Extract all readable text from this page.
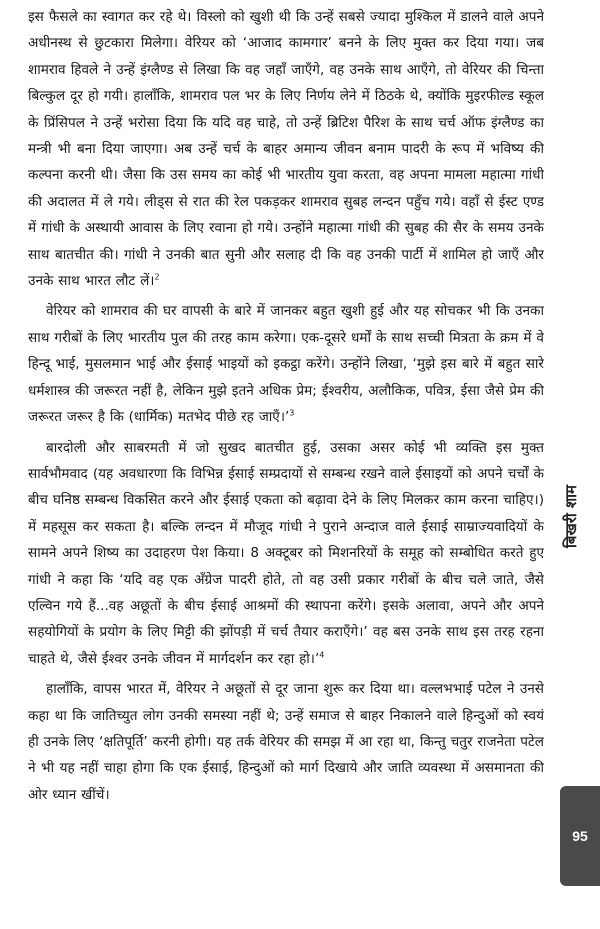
इस फैसले का स्वागत कर रहे थे। विस्लो को खुशी थी कि उन्हें सबसे ज्यादा मुश्किल में डालने वाले अपने अधीनस्थ से छुटकारा मिलेगा। वेरियर को ‘आजाद कामगार’ बनने के लिए मुक्त कर दिया गया। जब शामराव हिवले ने उन्हें इंग्लैण्ड से लिखा कि वह जहाँ जाएँगे, वह उनके साथ आएँगे, तो वेरियर की चिन्ता बिल्कुल दूर हो गयी। हालाँकि, शामराव पल भर के लिए निर्णय लेने में ठिठके थे, क्योंकि मुइरफील्ड स्कूल के प्रिंसिपल ने उन्हें भरोसा दिया कि यदि वह चाहे, तो उन्हें ब्रिटिश पैरिश के साथ चर्च ऑफ इंग्लैण्ड का मन्त्री भी बना दिया जाएगा। अब उन्हें चर्च के बाहर अमान्य जीवन बनाम पादरी के रूप में भविष्य की कल्पना करनी थी। जैसा कि उस समय का कोई भी भारतीय युवा करता, वह अपना मामला महात्मा गांधी की अदालत में ले गये। लीड्स से रात की रेल पकड़कर शामराव सुबह लन्दन पहुँच गये। वहाँ से ईस्ट एण्ड में गांधी के अस्थायी आवास के लिए रवाना हो गये। उन्होंने महात्मा गांधी की सुबह की सैर के समय उनके साथ बातचीत की। गांधी ने उनकी बात सुनी और सलाह दी कि वह उनकी पार्टी में शामिल हो जाएँ और उनके साथ भारत लौट लें।$^2$

वेरियर को शामराव की घर वापसी के बारे में जानकर बहुत खुशी हुई और यह सोचकर भी कि उनका साथ गरीबों के लिए भारतीय पुल की तरह काम करेगा। एक-दूसरे धर्मों के साथ सच्ची मित्रता के क्रम में वे हिन्दू भाई, मुसलमान भाई और ईसाई भाइयों को इकट्ठा करेंगे। उन्होंने लिखा, ‘मुझे इस बारे में बहुत सारे धर्मशास्त्र की जरूरत नहीं है, लेकिन मुझे इतने अधिक प्रेम; ईश्वरीय, अलौकिक, पवित्र, ईसा जैसे प्रेम की जरूरत जरूर है कि (धार्मिक) मतभेद पीछे रह जाएँ।’$^3$

बारदोली और साबरमती में जो सुखद बातचीत हुई, उसका असर कोई भी व्यक्ति इस मुक्त सार्वभौमवाद (यह अवधारणा कि विभिन्न ईसाई सम्प्रदायों से सम्बन्ध रखने वाले ईसाइयों को अपने चर्चों के बीच घनिष्ठ सम्बन्ध विकसित करने और ईसाई एकता को बढ़ावा देने के लिए मिलकर काम करना चाहिए।) में महसूस कर सकता है। बल्कि लन्दन में मौजूद गांधी ने पुराने अन्दाज वाले ईसाई साम्राज्यवादियों के सामने अपने शिष्य का उदाहरण पेश किया। 8 अक्टूबर को मिशनरियों के समूह को सम्बोधित करते हुए गांधी ने कहा कि ‘यदि वह एक अँग्रेज पादरी होते, तो वह उसी प्रकार गरीबों के बीच चले जाते, जैसे एल्विन गये हैं...वह अछूतों के बीच ईसाई आश्रमों की स्थापना करेंगे। इसके अलावा, अपने और अपने सहयोगियों के प्रयोग के लिए मिट्टी की झोंपड़ी में चर्च तैयार कराएँगे।’ वह बस उनके साथ इस तरह रहना चाहते थे, जैसे ईश्वर उनके जीवन में मार्गदर्शन कर रहा हो।’$^4$

हालाँकि, वापस भारत में, वेरियर ने अछूतों से दूर जाना शुरू कर दिया था। वल्लभभाई पटेल ने उनसे कहा था कि जातिच्युत लोग उनकी समस्या नहीं थे; उन्हें समाज से बाहर निकालने वाले हिन्दुओं को स्वयं ही उनके लिए ‘क्षतिपूर्ति’ करनी होगी। यह तर्क वेरियर की समझ में आ रहा था, किन्तु चतुर राजनेता पटेल ने भी यह नहीं चाहा होगा कि एक ईसाई, हिन्दुओं को मार्ग दिखाये और जाति व्यवस्था में असमानता की ओर ध्यान खींचें।

बिखरी शाम
95
